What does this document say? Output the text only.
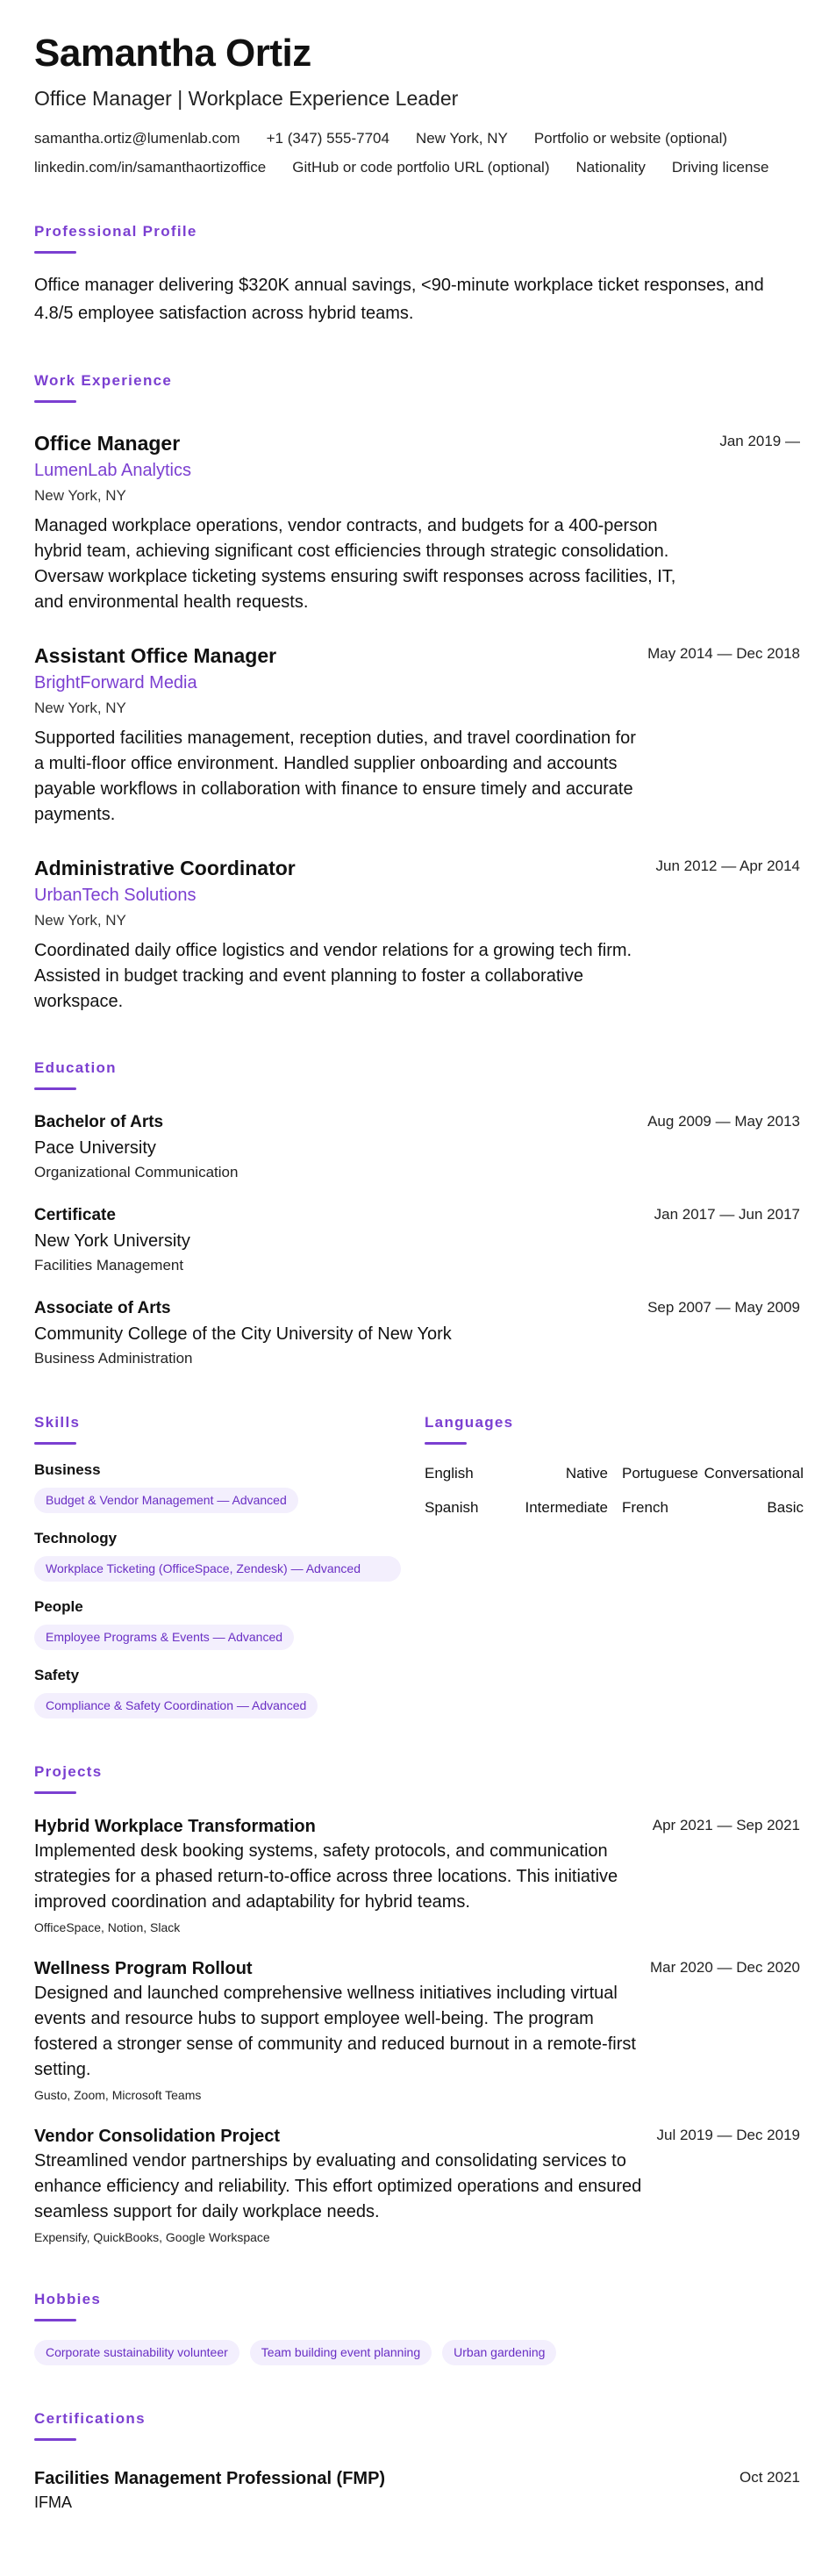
Samantha Ortiz
Office Manager | Workplace Experience Leader
samantha.ortiz@lumenlab.com +1 (347) 555-7704 New York, NY Portfolio or website (optional)
linkedin.com/in/samanthaortizoffice GitHub or code portfolio URL (optional) Nationality Driving license
Professional Profile

Office manager delivering $320K annual savings, <90-minute workplace ticket responses, and 4.8/5 employee satisfaction across hybrid teams.

Work Experience
Office Manager	Jan 2019 —
LumenLab Analytics
New York, NY

Managed workplace operations, vendor contracts, and budgets for a 400-person hybrid team, achieving significant cost efficiencies through strategic consolidation. Oversaw workplace ticketing systems ensuring swift responses across facilities, IT, and environmental health requests.

Assistant Office Manager	May 2014 — Dec 2018
BrightForward Media
New York, NY

Supported facilities management, reception duties, and travel coordination for a multi-floor office environment. Handled supplier onboarding and accounts payable workflows in collaboration with finance to ensure timely and accurate payments.

Administrative Coordinator	Jun 2012 — Apr 2014
UrbanTech Solutions
New York, NY

Coordinated daily office logistics and vendor relations for a growing tech firm. Assisted in budget tracking and event planning to foster a collaborative workspace.

Education
Bachelor of Arts	Aug 2009 — May 2013
Pace University
Organizational Communication
Certificate	Jan 2017 — Jun 2017
New York University
Facilities Management
Associate of Arts	Sep 2007 — May 2009
Community College of the City University of New York
Business Administration
Skills
Business
Budget & Vendor Management — Advanced
Technology
Workplace Ticketing (OfficeSpace, Zendesk) — Advanced
People
Employee Programs & Events — Advanced
Safety
Compliance & Safety Coordination — Advanced
Languages
English	Native Portuguese Conversational
Spanish	Intermediate French	Basic
Projects
Hybrid Workplace Transformation	Apr 2021 — Sep 2021

Implemented desk booking systems, safety protocols, and communication strategies for a phased return-to-office across three locations. This initiative improved coordination and adaptability for hybrid teams.

OfficeSpace, Notion, Slack
Wellness Program Rollout	Mar 2020 — Dec 2020

Designed and launched comprehensive wellness initiatives including virtual events and resource hubs to support employee well-being. The program fostered a stronger sense of community and reduced burnout in a remote-first setting.

Gusto, Zoom, Microsoft Teams
Vendor Consolidation Project	Jul 2019 — Dec 2019

Streamlined vendor partnerships by evaluating and consolidating services to enhance efficiency and reliability. This effort optimized operations and ensured seamless support for daily workplace needs.

Expensify, QuickBooks, Google Workspace
Hobbies
Corporate sustainability volunteer	Team building event planning	Urban gardening
Certifications
Facilities Management Professional (FMP)	Oct 2021
IFMA
